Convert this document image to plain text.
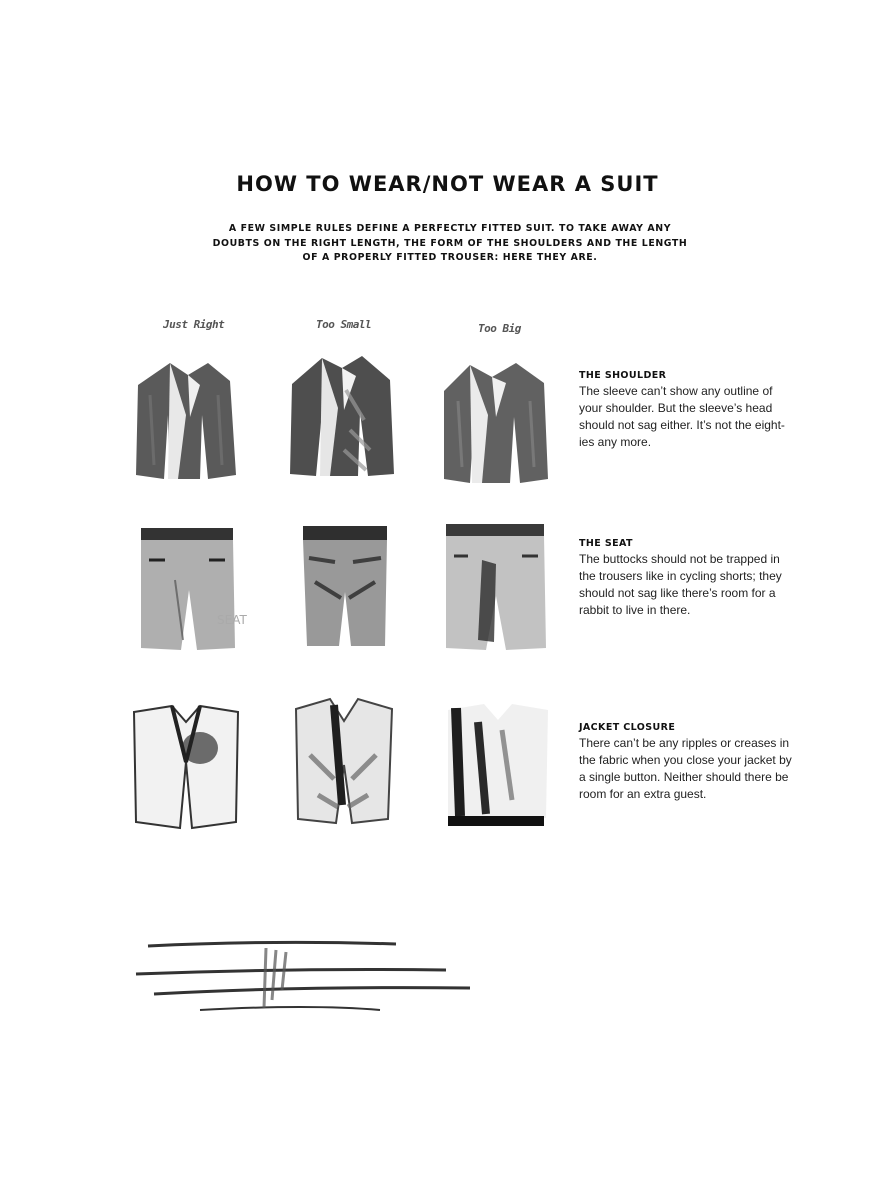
HOW TO WEAR/NOT WEAR A SUIT

A FEW SIMPLE RULES DEFINE A PERFECTLY FITTED SUIT. TO TAKE AWAY ANY DOUBTS ON THE RIGHT LENGTH, THE FORM OF THE SHOULDERS AND THE LENGTH OF A PROPERLY FITTED TROUSER: HERE THEY ARE.

Just Right	Too Small	Too Big
SEAT

THE SHOULDER

The sleeve can’t show any outline of your shoulder. But the sleeve’s head should not sag either. It’s not the eight-ies any more.

THE SEAT

The buttocks should not be trapped in the trousers like in cycling shorts; they should not sag like there’s room for a rabbit to live in there.

JACKET CLOSURE

There can’t be any ripples or creases in the fabric when you close your jacket by a single button. Neither should there be room for an extra guest.
